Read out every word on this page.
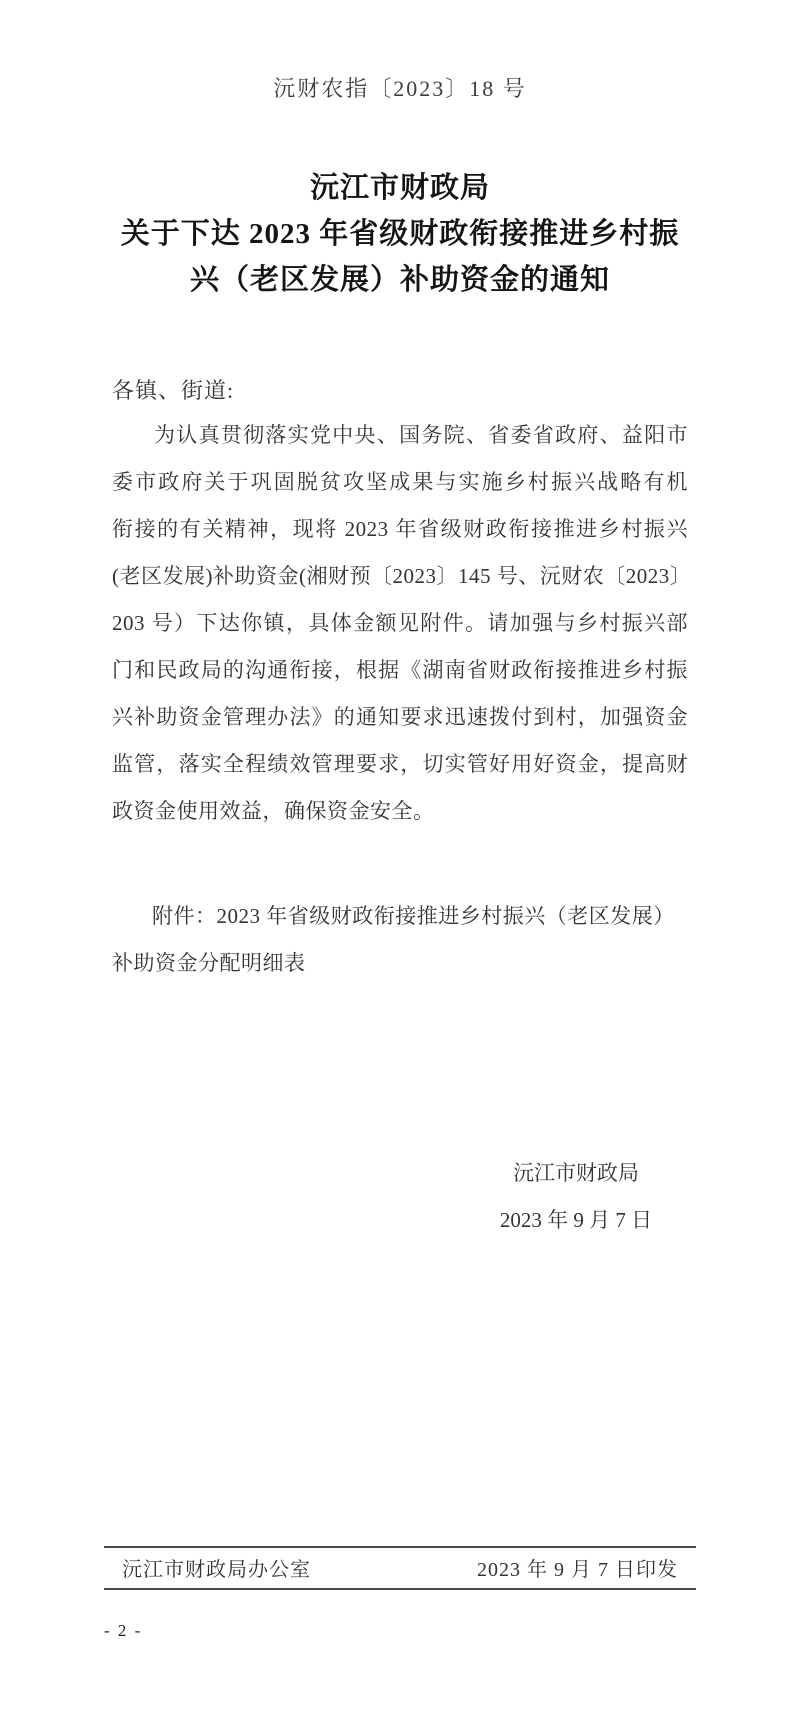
沅财农指〔2023〕18 号
沅江市财政局
关于下达 2023 年省级财政衔接推进乡村振
兴（老区发展）补助资金的通知
各镇、街道:
为认真贯彻落实党中央、国务院、省委省政府、益阳市
委市政府关于巩固脱贫攻坚成果与实施乡村振兴战略有机
衔接的有关精神，现将 2023 年省级财政衔接推进乡村振兴
(老区发展)补助资金(湘财预〔2023〕145 号、沅财农〔2023〕
203 号）下达你镇，具体金额见附件。请加强与乡村振兴部
门和民政局的沟通衔接，根据《湖南省财政衔接推进乡村振
兴补助资金管理办法》的通知要求迅速拨付到村，加强资金
监管，落实全程绩效管理要求，切实管好用好资金，提高财
政资金使用效益，确保资金安全。
附件：2023 年省级财政衔接推进乡村振兴（老区发展）
补助资金分配明细表
沅江市财政局
2023 年 9 月 7 日
沅江市财政局办公室	2023 年 9 月 7 日印发
- 2 -
